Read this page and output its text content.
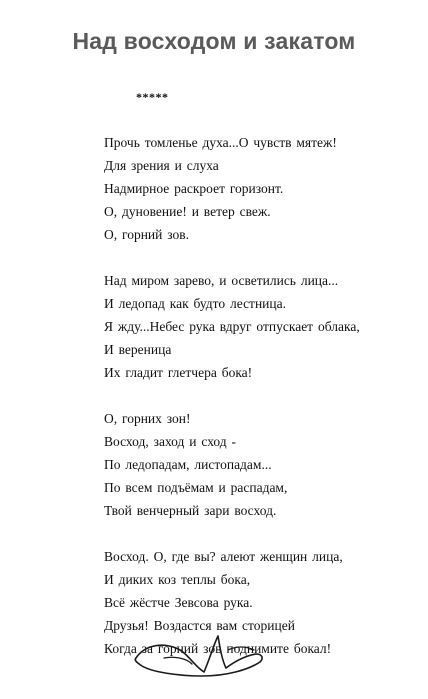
Над восходом и закатом
*****
Прочь томленье духа...О чувств мятеж!
Для зрения и слуха
Надмирное раскроет горизонт.
О, дуновение! и ветер свеж.
О, горний зов.
Над миром зарево, и осветились лица...
И ледопад как будто лестница.
Я жду...Небес рука вдруг отпускает облака,
И вереница
Их гладит глетчера бока!
О, горних зон!
Восход, заход и сход -
По ледопадам, листопадам...
По всем подъёмам и распадам,
Твой венчерный зари восход.
Восход. О, где вы? алеют женщин лица,
И диких коз теплы бока,
Всё жёстче Зевсова рука.
Друзья! Воздастся вам сторицей
Когда за горний зов поднимите бокал!
